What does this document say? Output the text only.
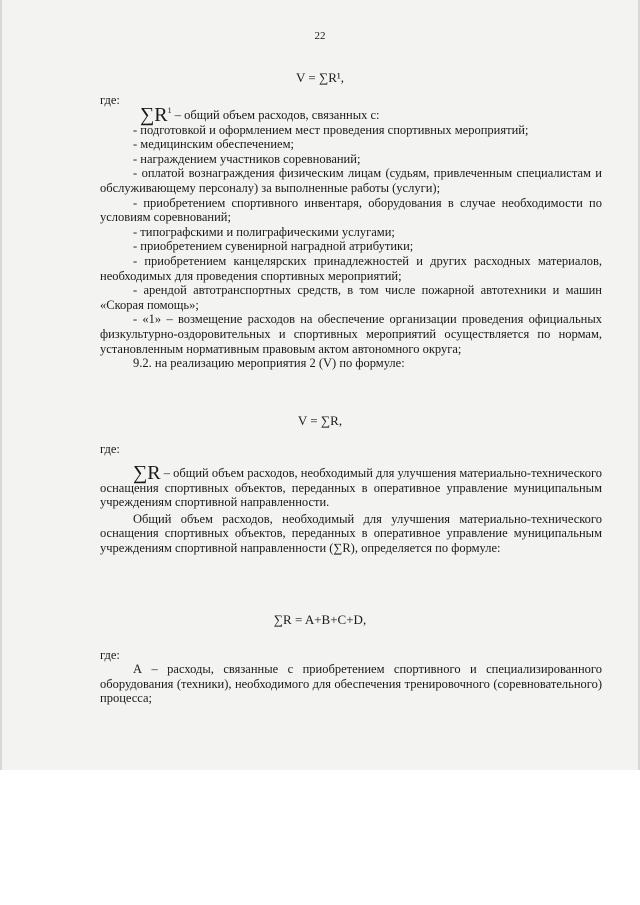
22
V = ∑R¹,
где:

$\sum R^1$ – общий объем расходов, связанных с:

- подготовкой и оформлением мест проведения спортивных мероприятий;

- медицинским обеспечением;

- награждением участников соревнований;

- оплатой вознаграждения физическим лицам (судьям, привлеченным специалистам и обслуживающему персоналу) за выполненные работы (услуги);

- приобретением спортивного инвентаря, оборудования в случае необходимости по условиям соревнований;

- типографскими и полиграфическими услугами;

- приобретением сувенирной наградной атрибутики;

- приобретением канцелярских принадлежностей и других расходных материалов, необходимых для проведения спортивных мероприятий;

- арендой автотранспортных средств, в том числе пожарной автотехники и машин «Скорая помощь»;

- «1» – возмещение расходов на обеспечение организации проведения официальных физкультурно-оздоровительных и спортивных мероприятий осуществляется по нормам, установленным нормативным правовым актом автономного округа;

9.2. на реализацию мероприятия 2 (V) по формуле:

V = ∑R,
где:

∑R – общий объем расходов, необходимый для улучшения материально-технического оснащения спортивных объектов, переданных в оперативное управление муниципальным учреждениям спортивной направленности.

Общий объем расходов, необходимый для улучшения материально-технического оснащения спортивных объектов, переданных в оперативное управление муниципальным учреждениям спортивной направленности (∑R), определяется по формуле:

∑R = A+B+C+D,
где:

А – расходы, связанные с приобретением спортивного и специализированного оборудования (техники), необходимого для обеспечения тренировочного (соревновательного) процесса;
